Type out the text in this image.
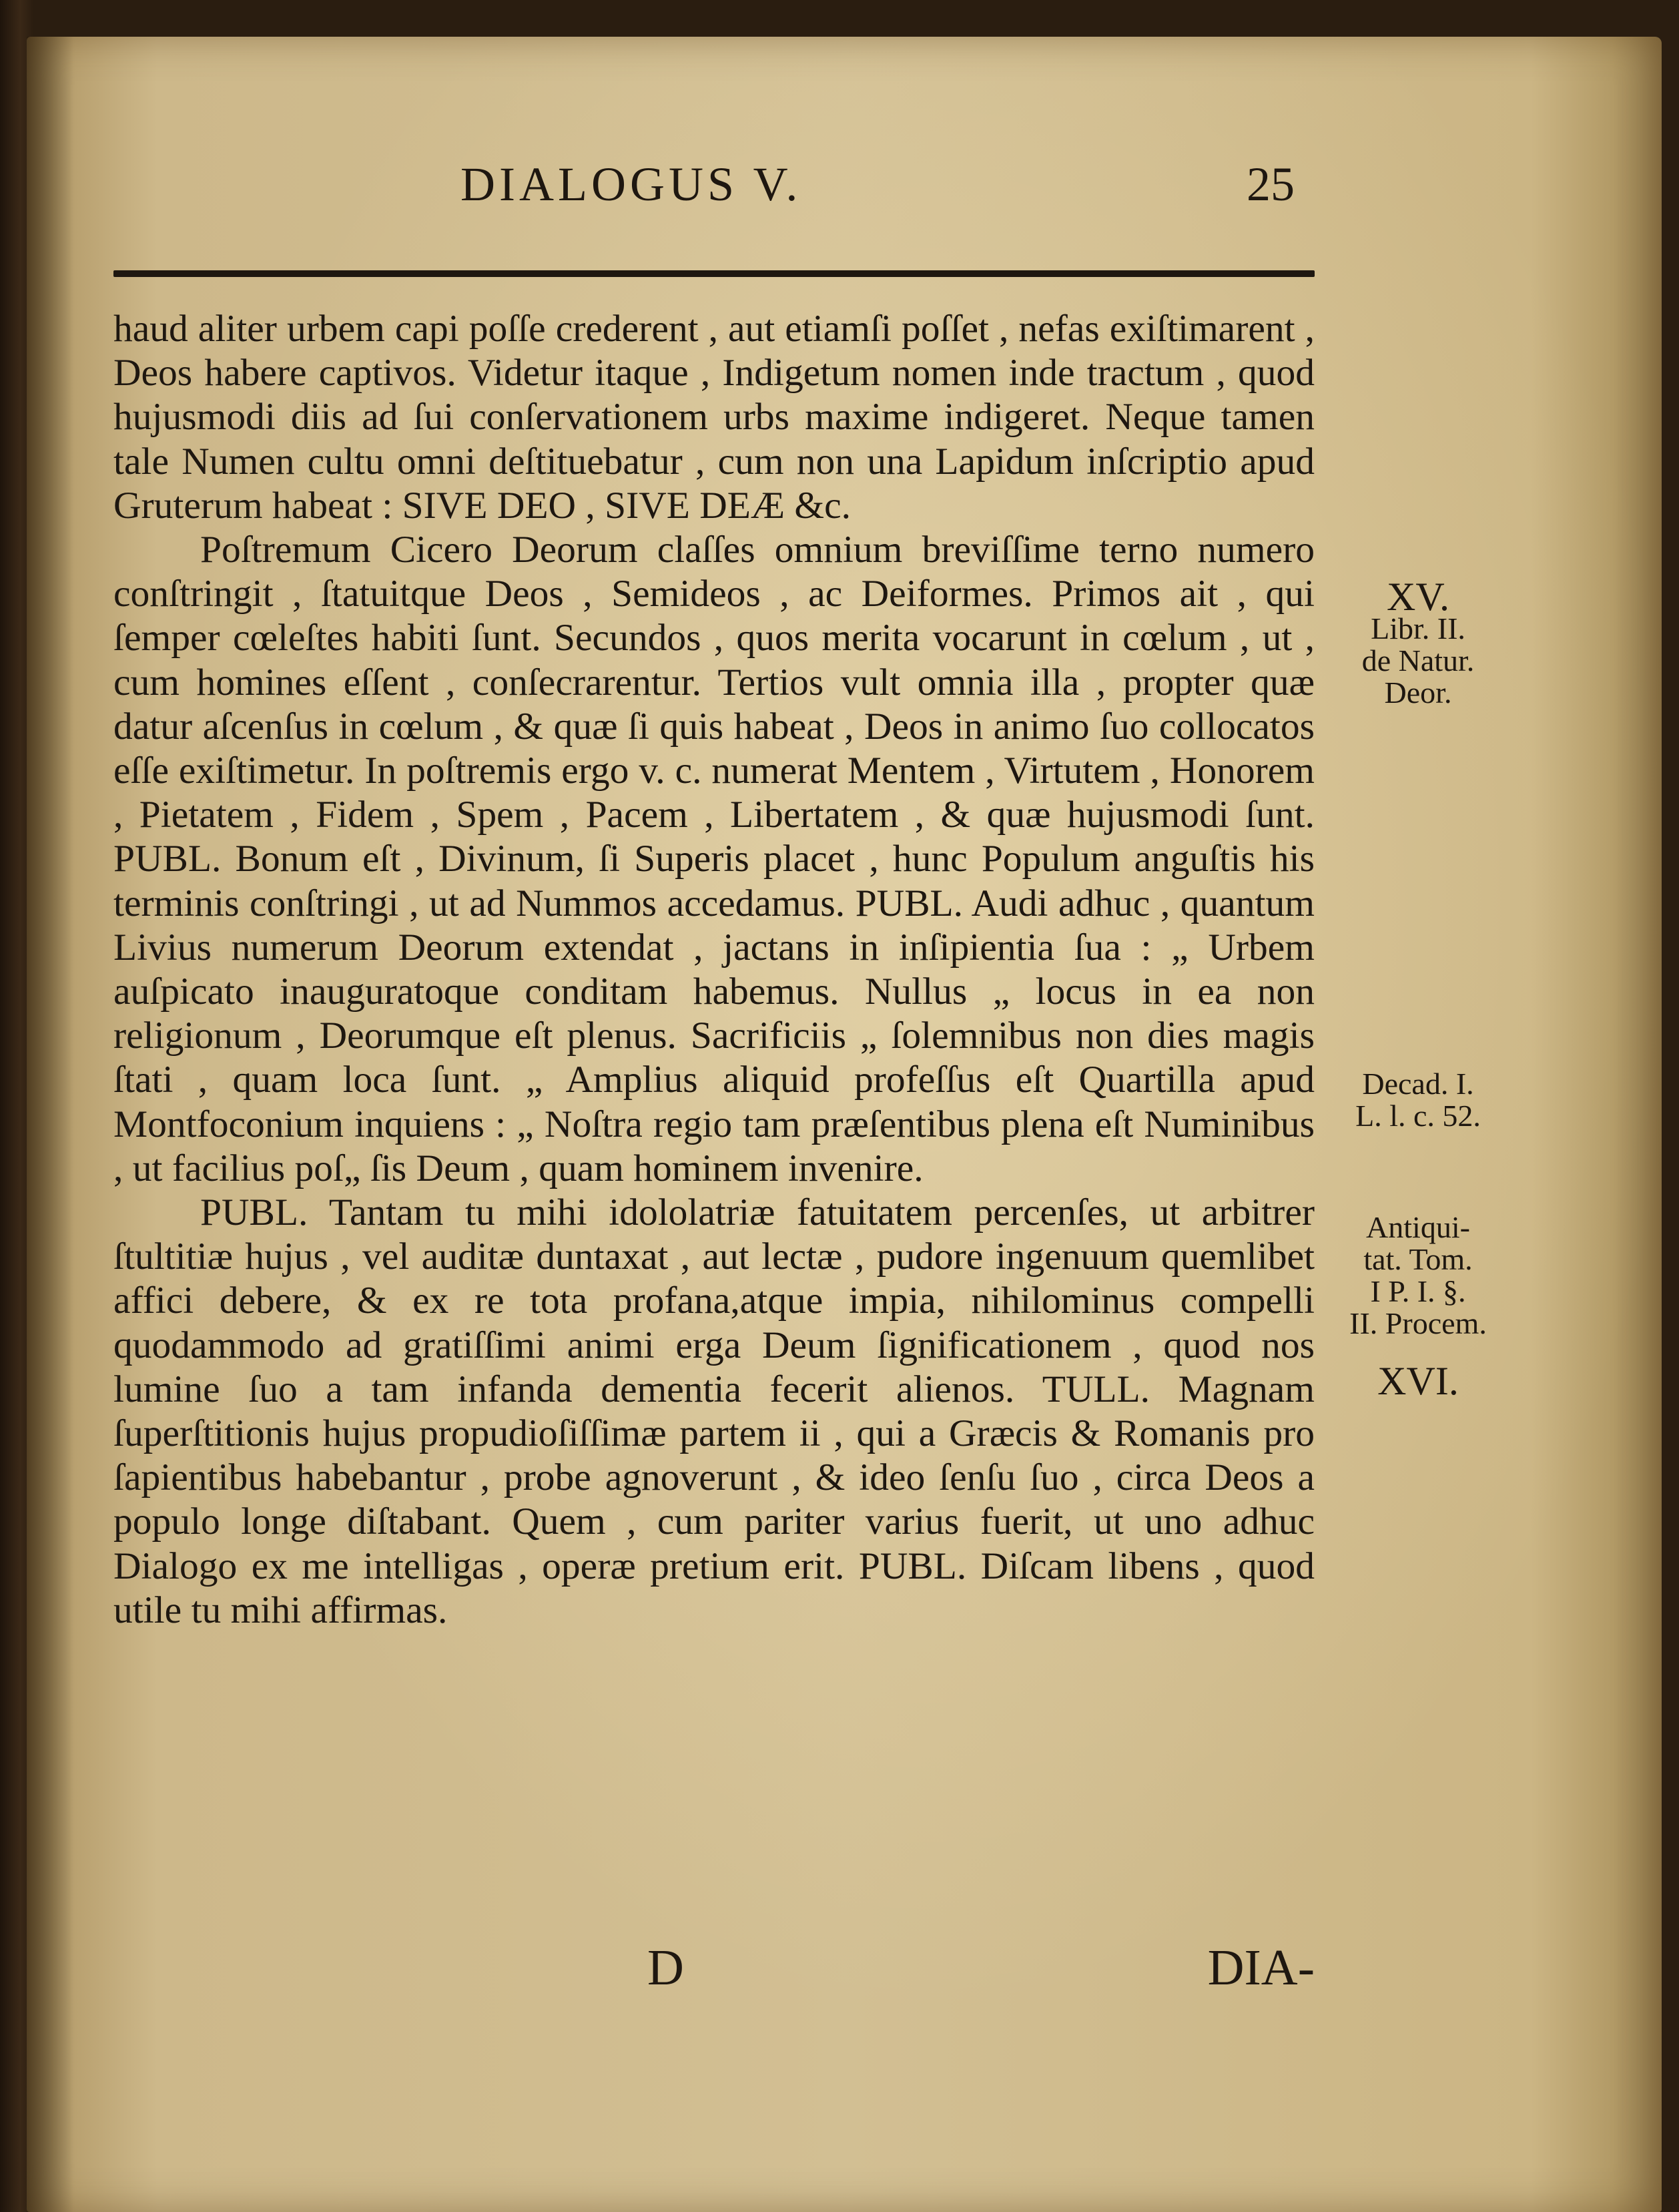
DIALOGUS V.	25

haud aliter urbem capi poſſe crederent , aut etiamſi poſſet , nefas exiſtimarent , Deos habere captivos. Videtur itaque , Indigetum nomen inde tractum , quod hujusmodi diis ad ſui conſervationem urbs maxime indigeret. Neque tamen tale Numen cultu omni deſtituebatur , cum non una Lapidum inſcriptio apud Gruterum habeat : SIVE DEO , SIVE DEÆ &c.

Poſtremum Cicero Deorum claſſes omnium breviſſime terno numero conſtringit , ſtatuitque Deos , Semideos , ac Deiformes. Primos ait , qui ſemper cœleſtes habiti ſunt. Secundos , quos merita vocarunt in cœlum , ut , cum homines eſſent , conſecrarentur. Tertios vult omnia illa , propter quæ datur aſcenſus in cœlum , & quæ ſi quis habeat , Deos in animo ſuo collocatos eſſe exiſtimetur. In poſtremis ergo v. c. numerat Mentem , Virtutem , Honorem , Pietatem , Fidem , Spem , Pacem , Libertatem , & quæ hujusmodi ſunt. PUBL. Bonum eſt , Divinum, ſi Superis placet , hunc Populum anguſtis his terminis conſtringi , ut ad Nummos accedamus. PUBL. Audi adhuc , quantum Livius numerum Deorum extendat , jactans in inſipientia ſua : „ Urbem auſpicato inauguratoque conditam habemus. Nullus „ locus in ea non religionum , Deorumque eſt plenus. Sacrificiis „ ſolemnibus non dies magis ſtati , quam loca ſunt. „ Amplius aliquid profeſſus eſt Quartilla apud Montfoconium inquiens : „ Noſtra regio tam præſentibus plena eſt Numinibus , ut facilius poſ„ ſis Deum , quam hominem invenire.

PUBL. Tantam tu mihi idololatriæ fatuitatem percenſes, ut arbitrer ſtultitiæ hujus , vel auditæ duntaxat , aut lectæ , pudore ingenuum quemlibet affici debere, & ex re tota profana,atque impia, nihilominus compelli quodammodo ad gratiſſimi animi erga Deum ſignificationem , quod nos lumine ſuo a tam infanda dementia fecerit alienos. TULL. Magnam ſuperſtitionis hujus propudioſiſſimæ partem ii , qui a Græcis & Romanis pro ſapientibus habebantur , probe agnoverunt , & ideo ſenſu ſuo , circa Deos a populo longe diſtabant. Quem , cum pariter varius fuerit, ut uno adhuc Dialogo ex me intelligas , operæ pretium erit. PUBL. Diſcam libens , quod utile tu mihi affirmas.

XV.
Libr. II.
de Natur.
Deor.
Decad. I.
L. l. c. 52.
Antiqui-
tat. Tom.
I P. I. §.
II. Procem.
XVI.
D	DIA-
